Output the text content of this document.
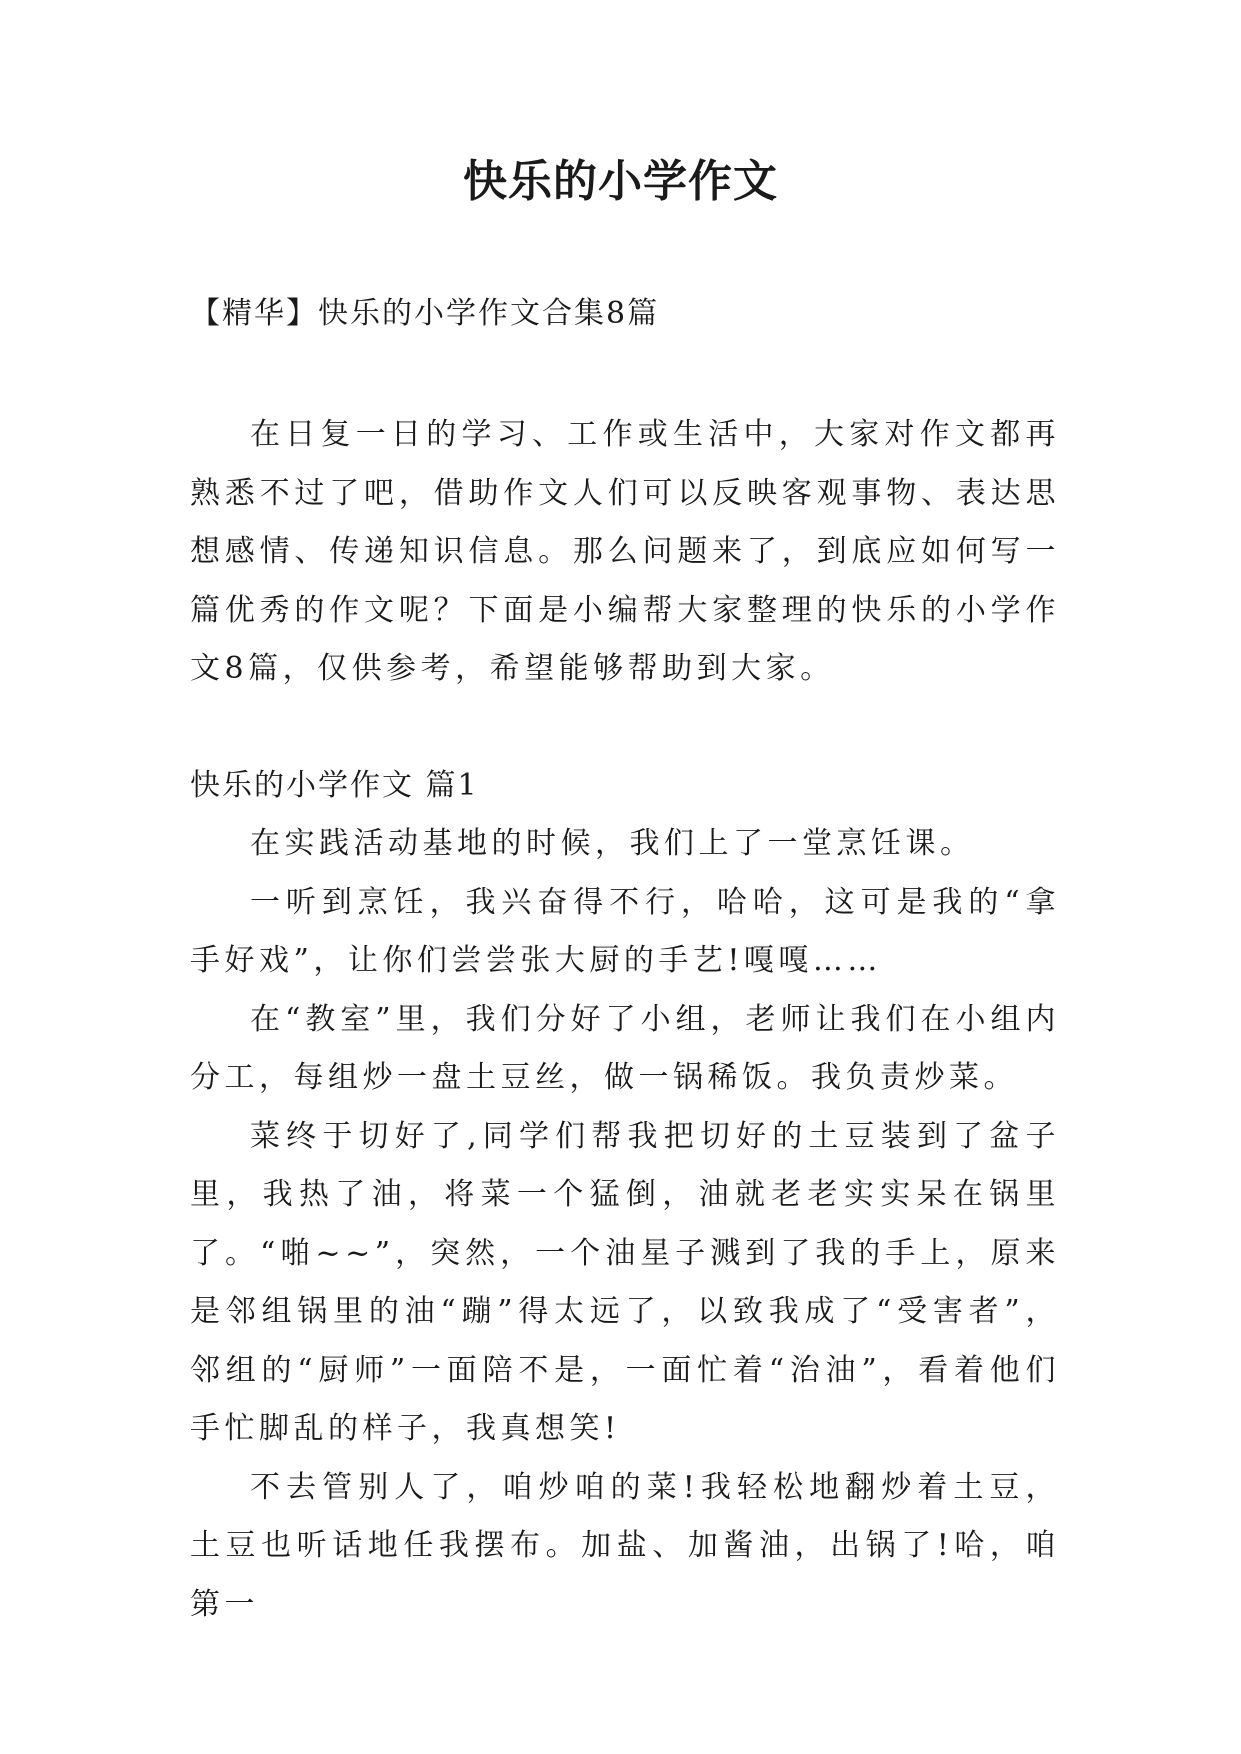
快乐的小学作文
【精华】快乐的小学作文合集8篇

在日复一日的学习、工作或生活中，大家对作文都再熟悉不过了吧，借助作文人们可以反映客观事物、表达思想感情、传递知识信息。那么问题来了，到底应如何写一篇优秀的作文呢？下面是小编帮大家整理的快乐的小学作文8篇，仅供参考，希望能够帮助到大家。

快乐的小学作文 篇1

在实践活动基地的时候，我们上了一堂烹饪课。

一听到烹饪，我兴奋得不行，哈哈，这可是我的“拿手好戏”，让你们尝尝张大厨的手艺!嘎嘎……

在“教室”里，我们分好了小组，老师让我们在小组内分工，每组炒一盘土豆丝，做一锅稀饭。我负责炒菜。

菜终于切好了,同学们帮我把切好的土豆装到了盆子里，我热了油，将菜一个猛倒，油就老老实实呆在锅里了。“啪~~”，突然，一个油星子溅到了我的手上，原来是邻组锅里的油“蹦”得太远了，以致我成了“受害者”，邻组的“厨师”一面陪不是，一面忙着“治油”，看着他们手忙脚乱的样子，我真想笑!

不去管别人了，咱炒咱的菜!我轻松地翻炒着土豆，土豆也听话地任我摆布。加盐、加酱油，出锅了!哈，咱第一
